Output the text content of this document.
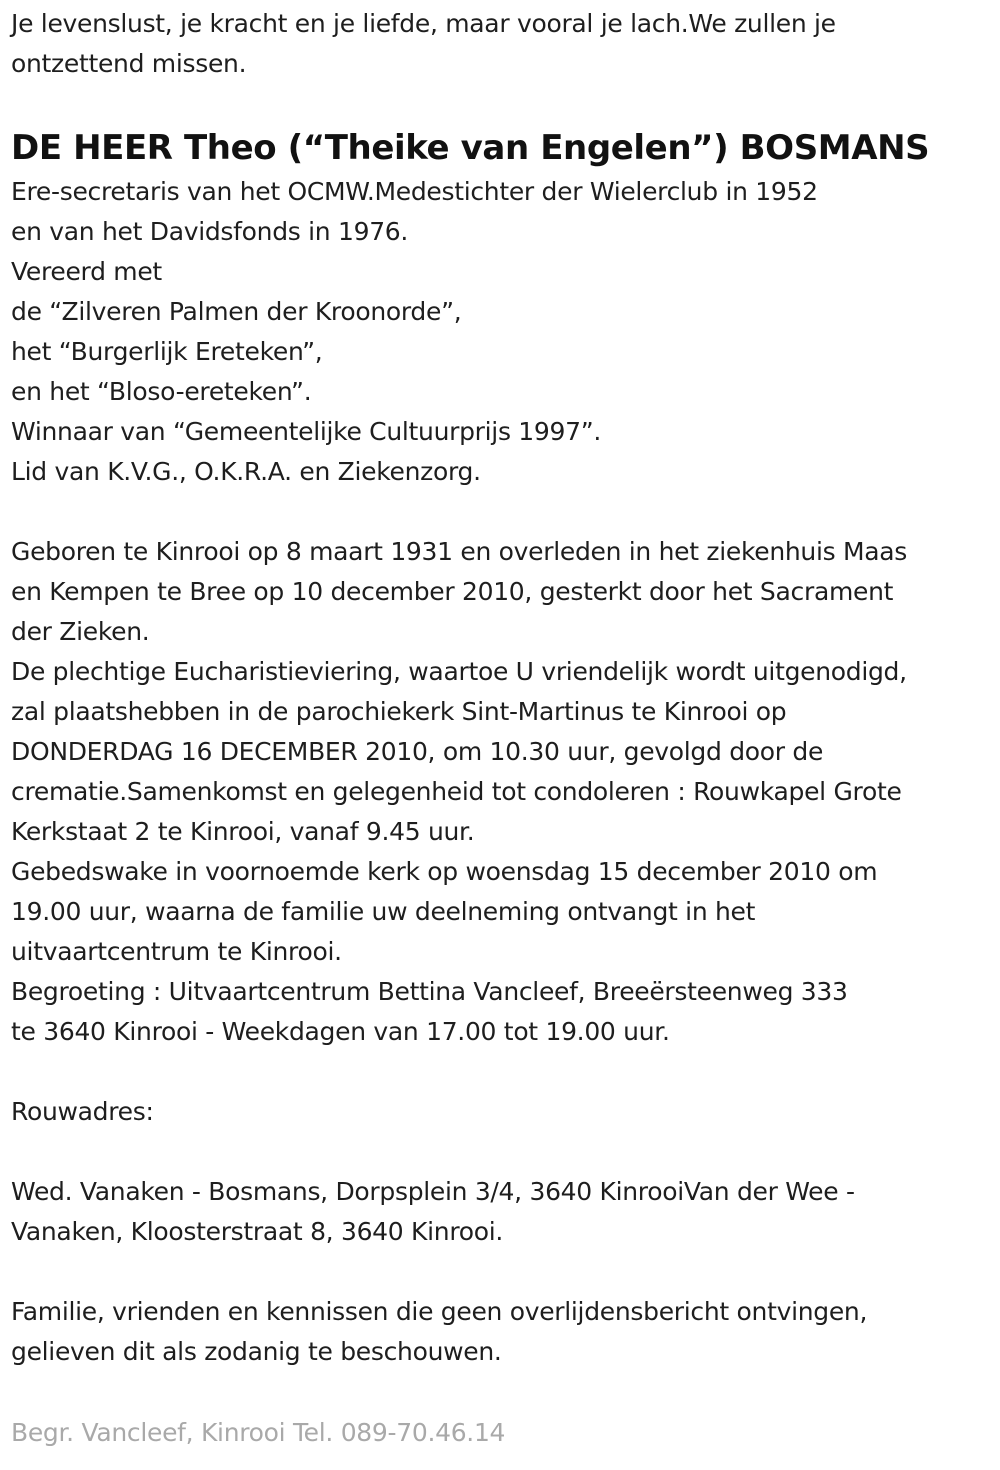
Je levenslust, je kracht en je liefde, maar vooral je lach.We zullen je
ontzettend missen.
DE HEER Theo (“Theike van Engelen”) BOSMANS
Ere-secretaris van het OCMW.Medestichter der Wielerclub in 1952
en van het Davidsfonds in 1976.
Vereerd met
de “Zilveren Palmen der Kroonorde”,
het “Burgerlijk Ereteken”,
en het “Bloso-ereteken”.
Winnaar van “Gemeentelijke Cultuurprijs 1997”.
Lid van K.V.G., O.K.R.A. en Ziekenzorg.
Geboren te Kinrooi op 8 maart 1931 en overleden in het ziekenhuis Maas
en Kempen te Bree op 10 december 2010, gesterkt door het Sacrament
der Zieken.
De plechtige Eucharistieviering, waartoe U vriendelijk wordt uitgenodigd,
zal plaatshebben in de parochiekerk Sint-Martinus te Kinrooi op
DONDERDAG 16 DECEMBER 2010, om 10.30 uur, gevolgd door de
crematie.Samenkomst en gelegenheid tot condoleren : Rouwkapel Grote
Kerkstaat 2 te Kinrooi, vanaf 9.45 uur.
Gebedswake in voornoemde kerk op woensdag 15 december 2010 om
19.00 uur, waarna de familie uw deelneming ontvangt in het
uitvaartcentrum te Kinrooi.
Begroeting : Uitvaartcentrum Bettina Vancleef, Breeërsteenweg 333
te 3640 Kinrooi - Weekdagen van 17.00 tot 19.00 uur.
Rouwadres:
Wed. Vanaken - Bosmans, Dorpsplein 3/4, 3640 KinrooiVan der Wee -
Vanaken, Kloosterstraat 8, 3640 Kinrooi.
Familie, vrienden en kennissen die geen overlijdensbericht ontvingen,
gelieven dit als zodanig te beschouwen.
Begr. Vancleef, Kinrooi Tel. 089-70.46.14
